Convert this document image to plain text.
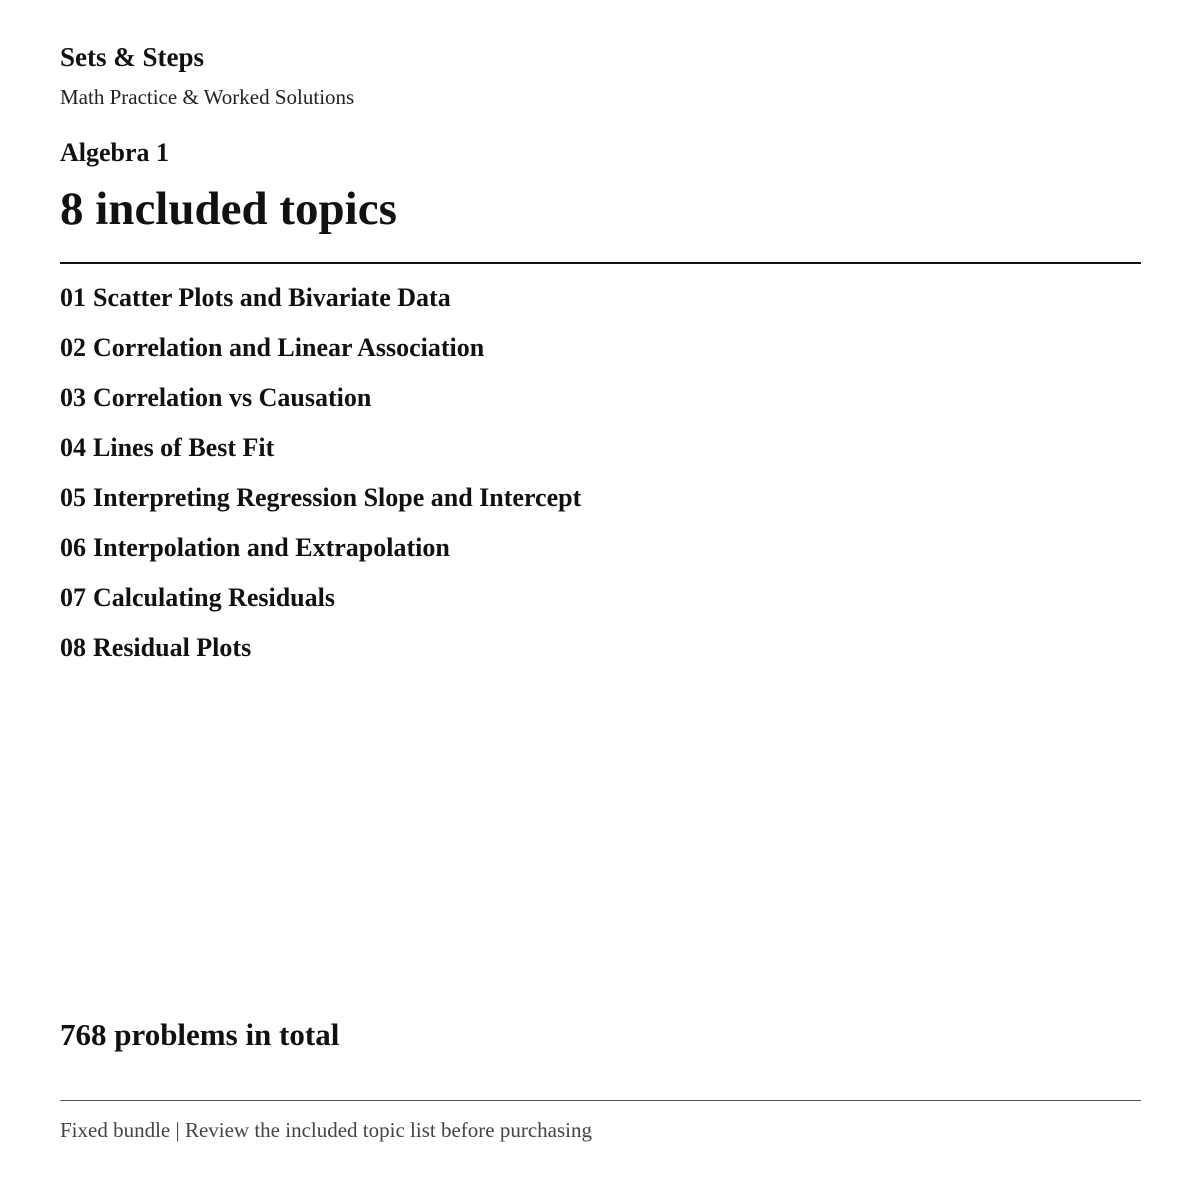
Sets & Steps
Math Practice & Worked Solutions
Algebra 1
8 included topics
01 Scatter Plots and Bivariate Data
02 Correlation and Linear Association
03 Correlation vs Causation
04 Lines of Best Fit
05 Interpreting Regression Slope and Intercept
06 Interpolation and Extrapolation
07 Calculating Residuals
08 Residual Plots
768 problems in total
Fixed bundle | Review the included topic list before purchasing
